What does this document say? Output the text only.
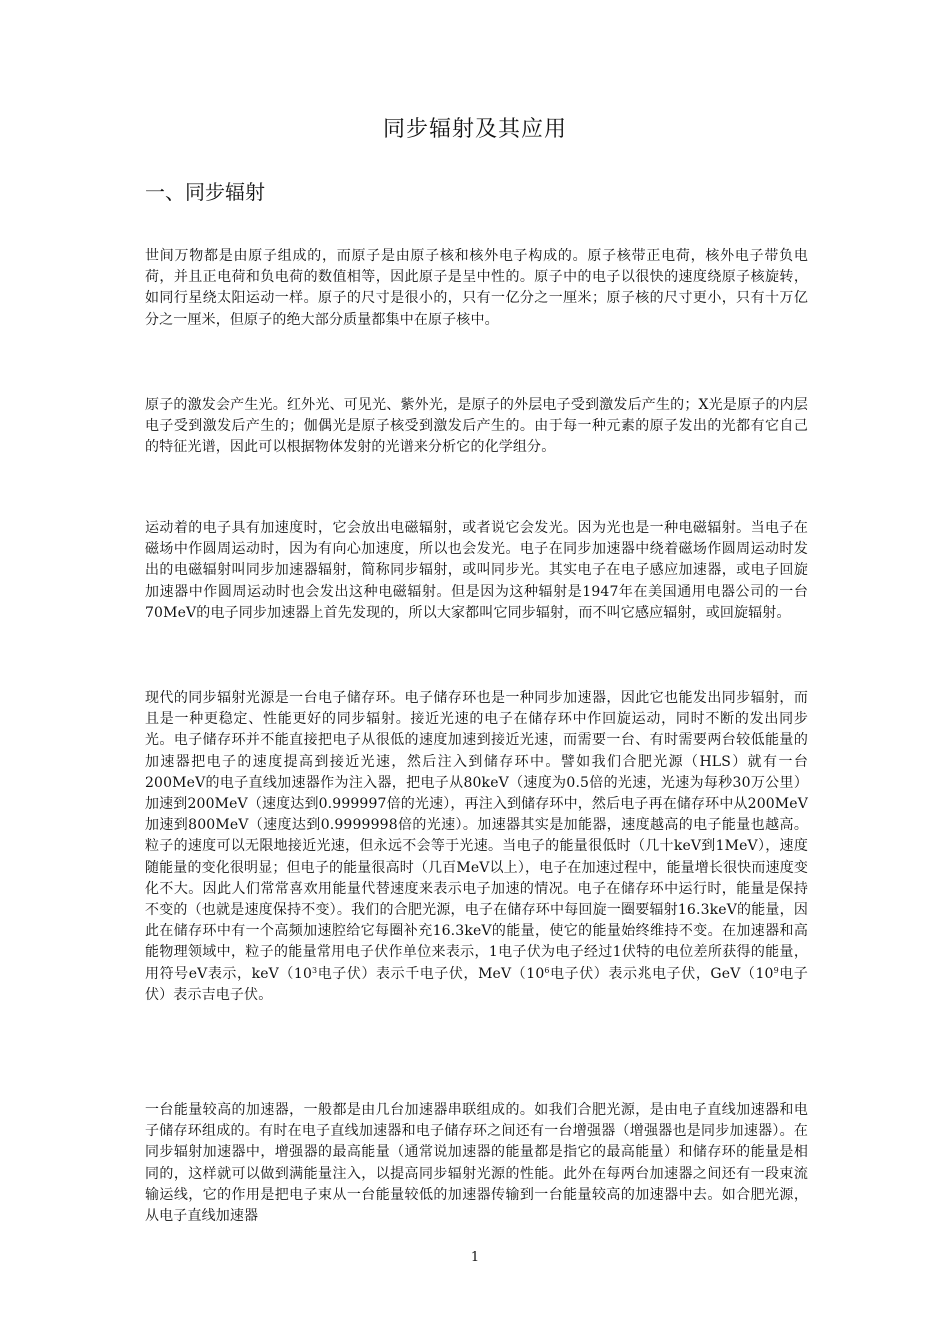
同步辐射及其应用
一、同步辐射

世间万物都是由原子组成的，而原子是由原子核和核外电子构成的。原子核带正电荷，核外电子带负电荷，并且正电荷和负电荷的数值相等，因此原子是呈中性的。原子中的电子以很快的速度绕原子核旋转，如同行星绕太阳运动一样。原子的尺寸是很小的，只有一亿分之一厘米；原子核的尺寸更小，只有十万亿分之一厘米，但原子的绝大部分质量都集中在原子核中。

原子的激发会产生光。红外光、可见光、紫外光，是原子的外层电子受到激发后产生的；X光是原子的内层电子受到激发后产生的；伽偶光是原子核受到激发后产生的。由于每一种元素的原子发出的光都有它自己的特征光谱，因此可以根据物体发射的光谱来分析它的化学组分。

运动着的电子具有加速度时，它会放出电磁辐射，或者说它会发光。因为光也是一种电磁辐射。当电子在磁场中作圆周运动时，因为有向心加速度，所以也会发光。电子在同步加速器中绕着磁场作圆周运动时发出的电磁辐射叫同步加速器辐射，简称同步辐射，或叫同步光。其实电子在电子感应加速器，或电子回旋加速器中作圆周运动时也会发出这种电磁辐射。但是因为这种辐射是1947年在美国通用电器公司的一台70MeV的电子同步加速器上首先发现的，所以大家都叫它同步辐射，而不叫它感应辐射，或回旋辐射。

现代的同步辐射光源是一台电子储存环。电子储存环也是一种同步加速器，因此它也能发出同步辐射，而且是一种更稳定、性能更好的同步辐射。接近光速的电子在储存环中作回旋运动，同时不断的发出同步光。电子储存环并不能直接把电子从很低的速度加速到接近光速，而需要一台、有时需要两台较低能量的加速器把电子的速度提高到接近光速，然后注入到储存环中。譬如我们合肥光源（HLS）就有一台200MeV的电子直线加速器作为注入器，把电子从80keV（速度为0.5倍的光速，光速为每秒30万公里）加速到200MeV（速度达到0.999997倍的光速），再注入到储存环中，然后电子再在储存环中从200MeV加速到800MeV（速度达到0.9999998倍的光速）。加速器其实是加能器，速度越高的电子能量也越高。粒子的速度可以无限地接近光速，但永远不会等于光速。当电子的能量很低时（几十keV到1MeV），速度随能量的变化很明显；但电子的能量很高时（几百MeV以上），电子在加速过程中，能量增长很快而速度变化不大。因此人们常常喜欢用能量代替速度来表示电子加速的情况。电子在储存环中运行时，能量是保持不变的（也就是速度保持不变）。我们的合肥光源，电子在储存环中每回旋一圈要辐射16.3keV的能量，因此在储存环中有一个高频加速腔给它每圈补充16.3keV的能量，使它的能量始终维持不变。在加速器和高能物理领域中，粒子的能量常用电子伏作单位来表示，1电子伏为电子经过1伏特的电位差所获得的能量，用符号eV表示，$keV(10^3$电子伏）表示千电子伏，$MeV(10^6$电子伏）表示兆电子伏，$GeV(10^9$电子伏）表示吉电子伏。

一台能量较高的加速器，一般都是由几台加速器串联组成的。如我们合肥光源，是由电子直线加速器和电子储存环组成的。有时在电子直线加速器和电子储存环之间还有一台增强器（增强器也是同步加速器）。在同步辐射加速器中，增强器的最高能量（通常说加速器的能量都是指它的最高能量）和储存环的能量是相同的，这样就可以做到满能量注入，以提高同步辐射光源的性能。此外在每两台加速器之间还有一段束流输运线，它的作用是把电子束从一台能量较低的加速器传输到一台能量较高的加速器中去。如合肥光源，从电子直线加速器

1
